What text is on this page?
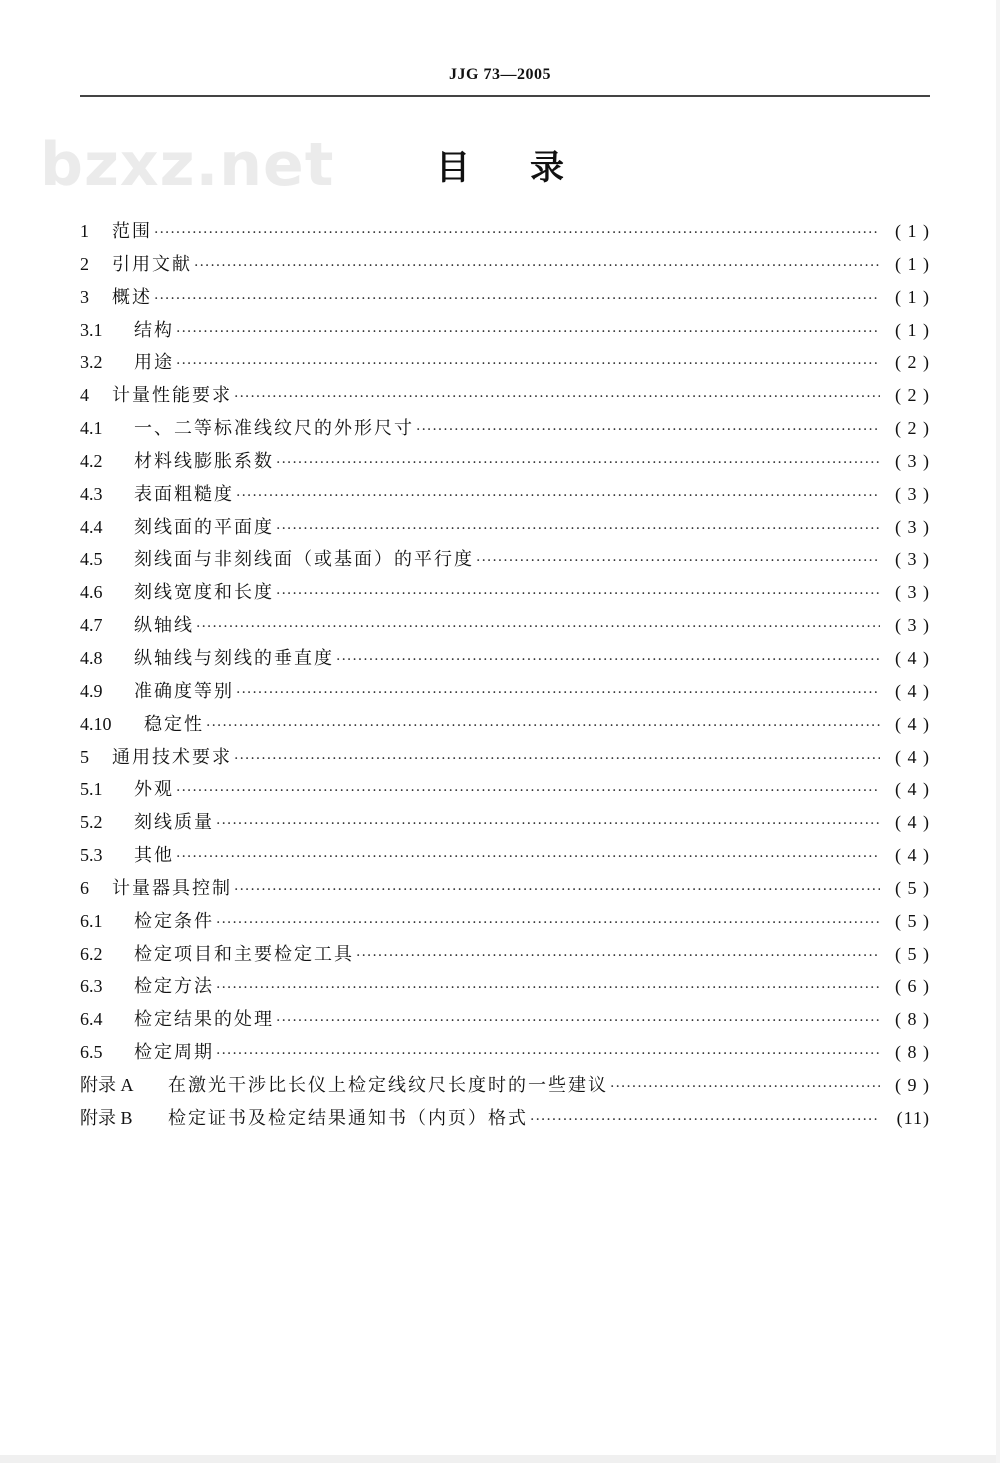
JJG 73—2005
bzxz.net	目 录
1	范围 ·····	( 1 )
2	引用文献 ·····	( 1 )
3	概述 ·····	( 1 )
3.1	结构 ·····	( 1 )
3.2	用途 ·····	( 2 )
4	计量性能要求 ·····	( 2 )
4.1	一、二等标准线纹尺的外形尺寸 ·····	( 2 )
4.2	材料线膨胀系数 ·····	( 3 )
4.3	表面粗糙度 ·····	( 3 )
4.4	刻线面的平面度 ·····	( 3 )
4.5	刻线面与非刻线面（或基面）的平行度 ·····	( 3 )
4.6	刻线宽度和长度 ·····	( 3 )
4.7	纵轴线 ·····	( 3 )
4.8	纵轴线与刻线的垂直度 ·····	( 4 )
4.9	准确度等别 ·····	( 4 )
4.10	稳定性 ·····	( 4 )
5	通用技术要求 ·····	( 4 )
5.1	外观 ·····	( 4 )
5.2	刻线质量 ·····	( 4 )
5.3	其他 ·····	( 4 )
6	计量器具控制 ·····	( 5 )
6.1	检定条件 ·····	( 5 )
6.2	检定项目和主要检定工具 ·····	( 5 )
6.3	检定方法 ·····	( 6 )
6.4	检定结果的处理 ·····	( 8 )
6.5	检定周期 ·····	( 8 )
附录 A	在激光干涉比长仪上检定线纹尺长度时的一些建议 ·····	( 9 )
附录 B	检定证书及检定结果通知书（内页）格式 ·····	(11)
